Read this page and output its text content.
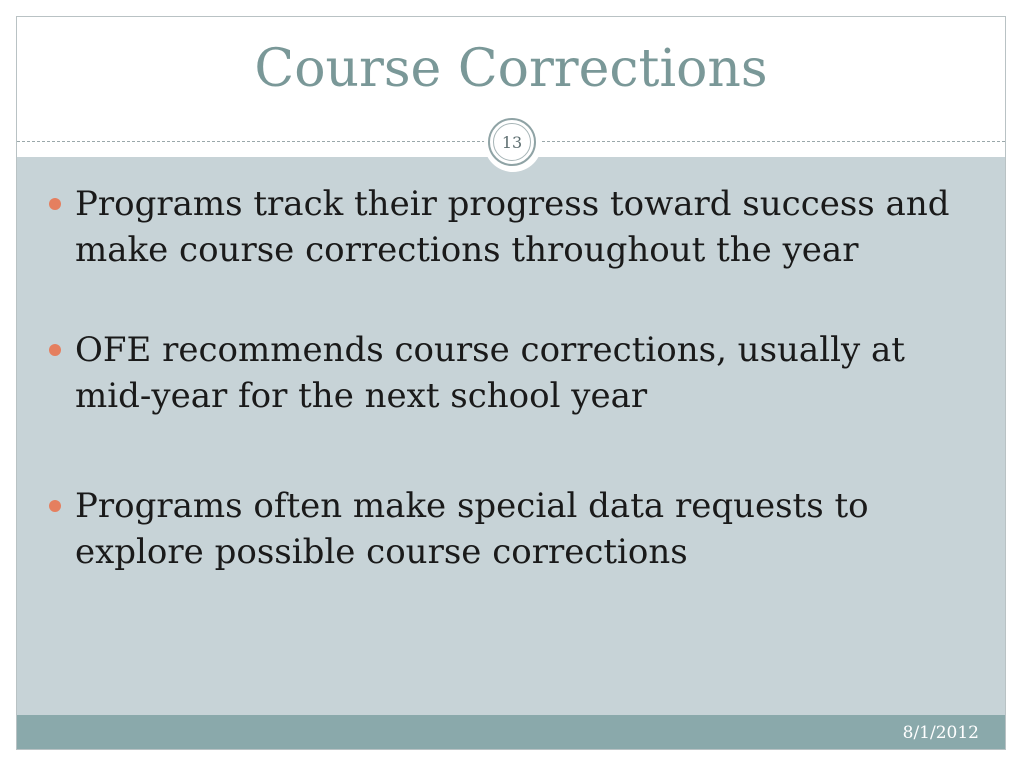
Course Corrections
13
Programs track their progress toward success and
make course corrections throughout the year
OFE recommends course corrections, usually at
mid-year for the next school year
Programs often make special data requests to
explore possible course corrections
8/1/2012
